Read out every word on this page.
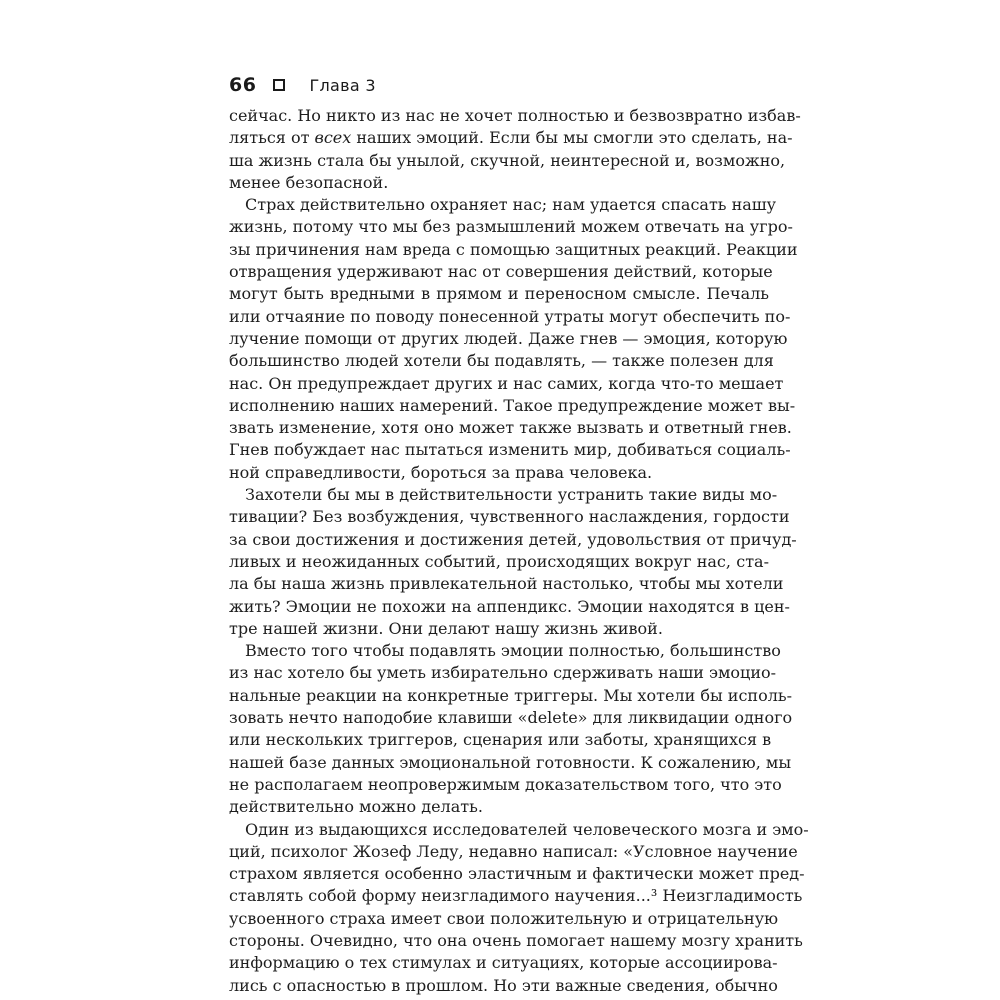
66	Глава 3
сейчас. Но никто из нас не хочет полностью и безвозвратно избав-
ляться от всех наших эмоций. Если бы мы смогли это сделать, на-
ша жизнь стала бы унылой, скучной, неинтересной и, возможно,
менее безопасной.
Страх действительно охраняет нас; нам удается спасать нашу
жизнь, потому что мы без размышлений можем отвечать на угро-
зы причинения нам вреда с помощью защитных реакций. Реакции
отвращения удерживают нас от совершения действий, которые
могут быть вредными в прямом и переносном смысле. Печаль
или отчаяние по поводу понесенной утраты могут обеспечить по-
лучение помощи от других людей. Даже гнев — эмоция, которую
большинство людей хотели бы подавлять, — также полезен для
нас. Он предупреждает других и нас самих, когда что-то мешает
исполнению наших намерений. Такое предупреждение может вы-
звать изменение, хотя оно может также вызвать и ответный гнев.
Гнев побуждает нас пытаться изменить мир, добиваться социаль-
ной справедливости, бороться за права человека.
Захотели бы мы в действительности устранить такие виды мо-
тивации? Без возбуждения, чувственного наслаждения, гордости
за свои достижения и достижения детей, удовольствия от причуд-
ливых и неожиданных событий, происходящих вокруг нас, ста-
ла бы наша жизнь привлекательной настолько, чтобы мы хотели
жить? Эмоции не похожи на аппендикс. Эмоции находятся в цен-
тре нашей жизни. Они делают нашу жизнь живой.
Вместо того чтобы подавлять эмоции полностью, большинство
из нас хотело бы уметь избирательно сдерживать наши эмоцио-
нальные реакции на конкретные триггеры. Мы хотели бы исполь-
зовать нечто наподобие клавиши «delete» для ликвидации одного
или нескольких триггеров, сценария или заботы, хранящихся в
нашей базе данных эмоциональной готовности. К сожалению, мы
не располагаем неопровержимым доказательством того, что это
действительно можно делать.
Один из выдающихся исследователей человеческого мозга и эмо-
ций, психолог Жозеф Леду, недавно написал: «Условное научение
страхом является особенно эластичным и фактически может пред-
ставлять собой форму неизгладимого научения...³ Неизгладимость
усвоенного страха имеет свои положительную и отрицательную
стороны. Очевидно, что она очень помогает нашему мозгу хранить
информацию о тех стимулах и ситуациях, которые ассоциирова-
лись с опасностью в прошлом. Но эти важные сведения, обычно
